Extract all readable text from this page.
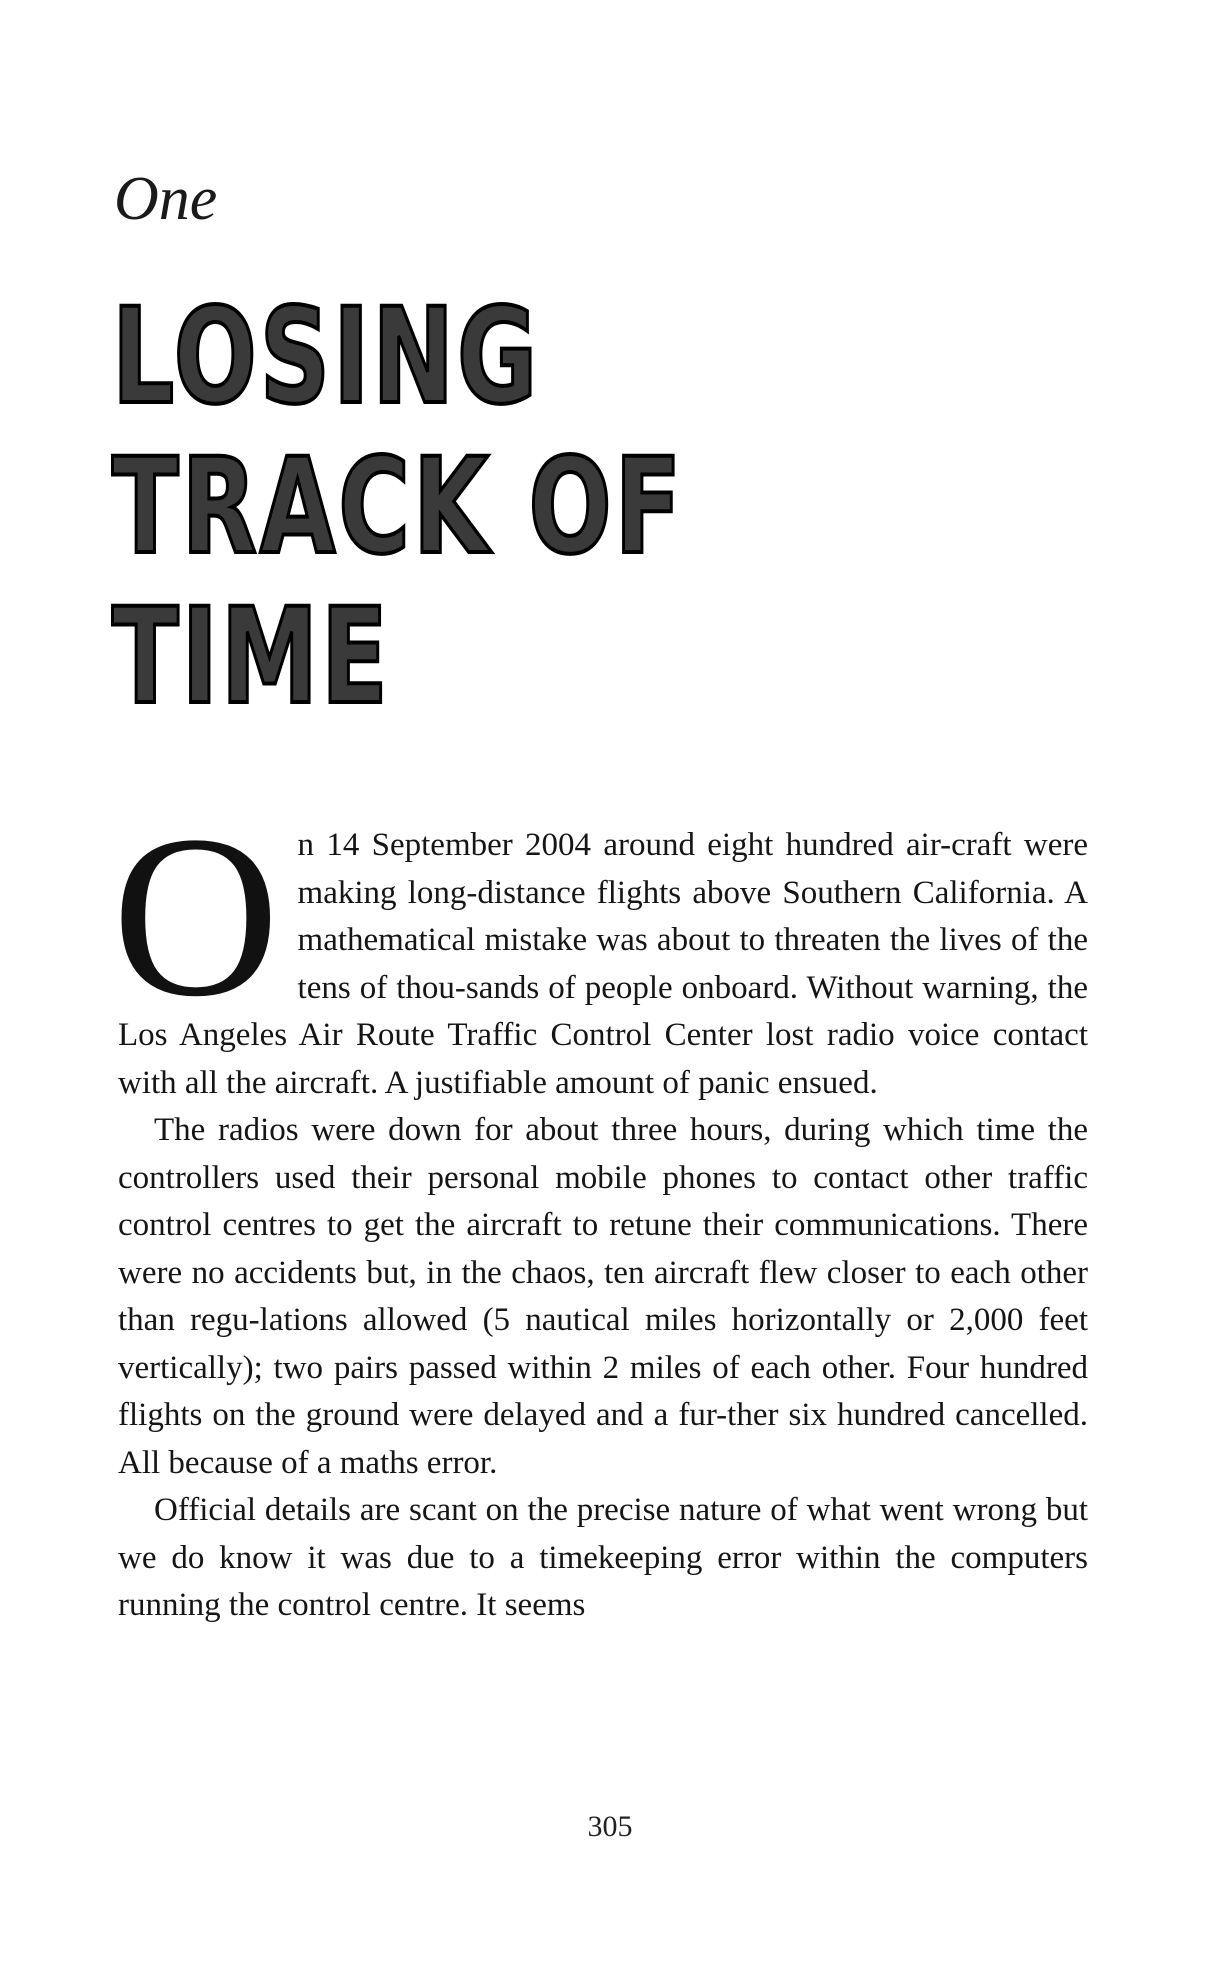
One
LOSING
TRACK OF
TIME

On 14 September 2004 around eight hundred air-craft were making long-distance flights above Southern California. A mathematical mistake was about to threaten the lives of the tens of thou-sands of people onboard. Without warning, the Los Angeles Air Route Traffic Control Center lost radio voice contact with all the aircraft. A justifiable amount of panic ensued.

The radios were down for about three hours, during which time the controllers used their personal mobile phones to contact other traffic control centres to get the aircraft to retune their communications. There were no accidents but, in the chaos, ten aircraft flew closer to each other than regu-lations allowed (5 nautical miles horizontally or 2,000 feet vertically); two pairs passed within 2 miles of each other. Four hundred flights on the ground were delayed and a fur-ther six hundred cancelled. All because of a maths error.

Official details are scant on the precise nature of what went wrong but we do know it was due to a timekeeping error within the computers running the control centre. It seems

305
